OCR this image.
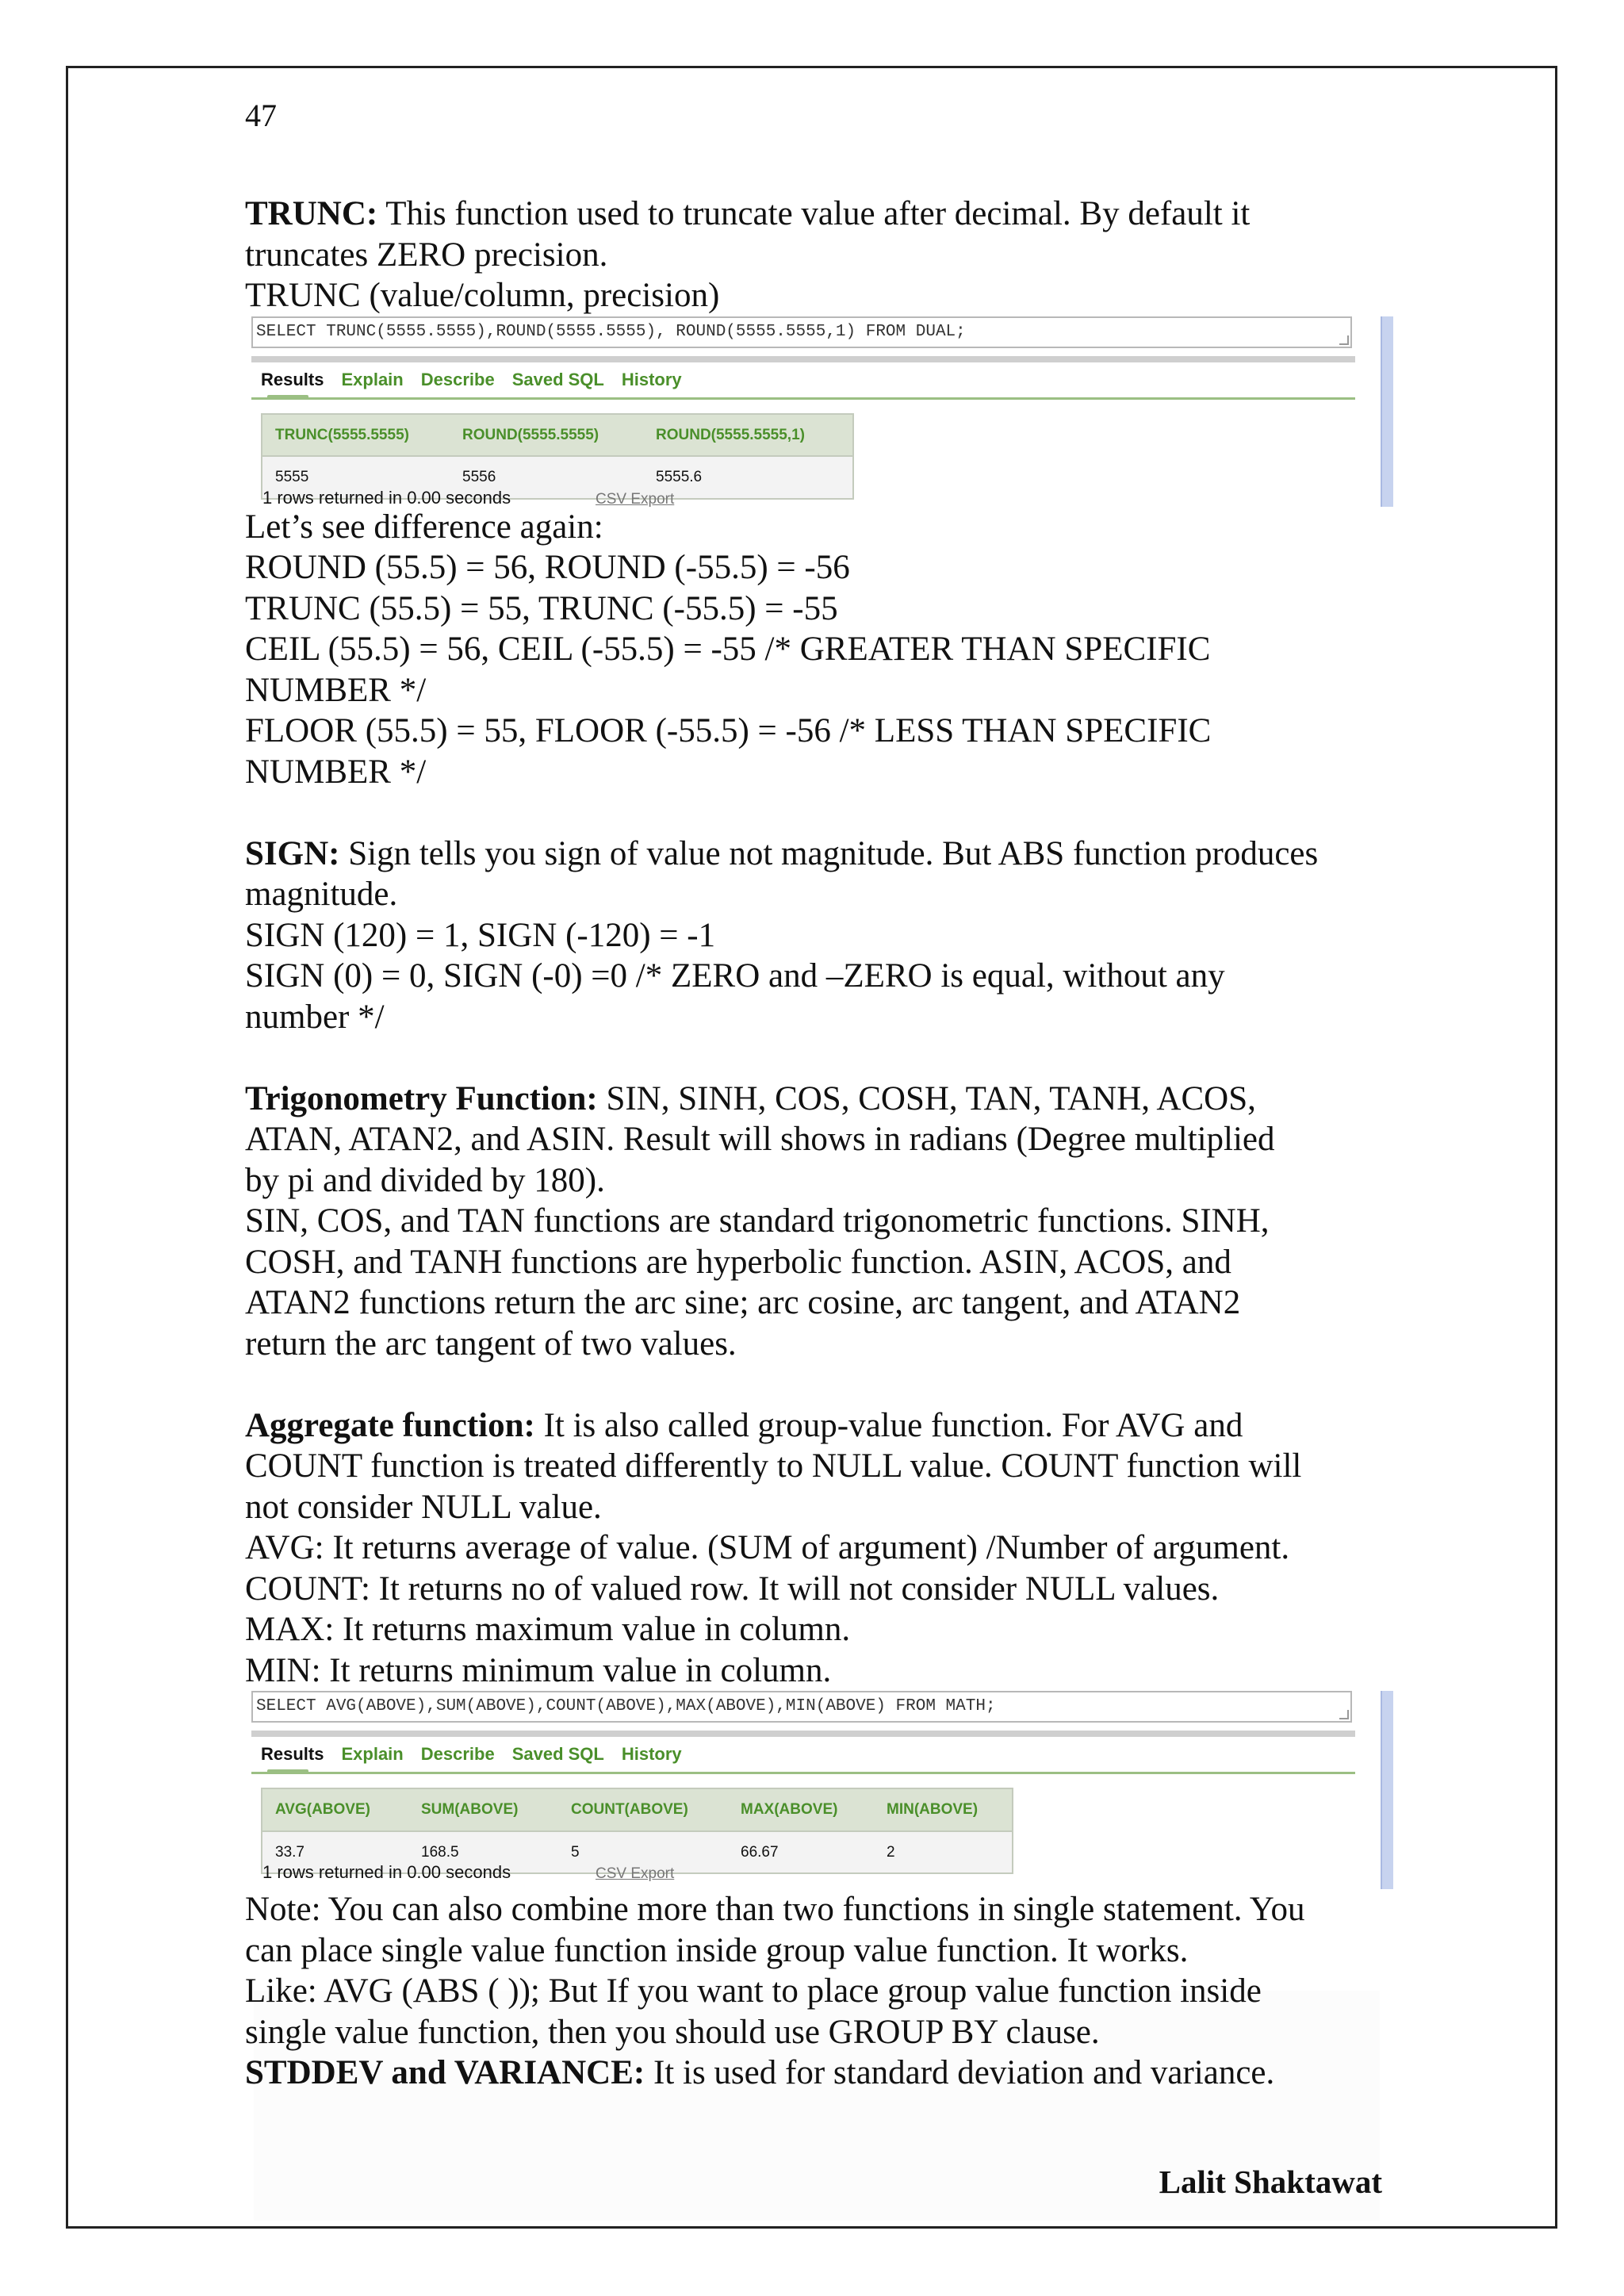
47

TRUNC: This function used to truncate value after decimal. By default it

truncates ZERO precision.

TRUNC (value/column, precision)

SELECT TRUNC(5555.5555),ROUND(5555.5555), ROUND(5555.5555,1) FROM DUAL;
Results Explain Describe Saved SQL History
TRUNC(5555.5555)	ROUND(5555.5555)	ROUND(5555.5555,1)
5555	5556	5555.6
1 rows returned in 0.00 seconds	CSV Export

Let’s see difference again:

ROUND (55.5) = 56, ROUND (-55.5) = -56

TRUNC (55.5) = 55, TRUNC (-55.5) = -55

CEIL (55.5) = 56, CEIL (-55.5) = -55 /* GREATER THAN SPECIFIC

NUMBER */

FLOOR (55.5) = 55, FLOOR (-55.5) = -56 /* LESS THAN SPECIFIC

NUMBER */

SIGN: Sign tells you sign of value not magnitude. But ABS function produces

magnitude.

SIGN (120) = 1, SIGN (-120) = -1

SIGN (0) = 0, SIGN (-0) =0 /* ZERO and –ZERO is equal, without any

number */

Trigonometry Function: SIN, SINH, COS, COSH, TAN, TANH, ACOS,

ATAN, ATAN2, and ASIN. Result will shows in radians (Degree multiplied

by pi and divided by 180).

SIN, COS, and TAN functions are standard trigonometric functions. SINH,

COSH, and TANH functions are hyperbolic function. ASIN, ACOS, and

ATAN2 functions return the arc sine; arc cosine, arc tangent, and ATAN2

return the arc tangent of two values.

Aggregate function: It is also called group-value function. For AVG and

COUNT function is treated differently to NULL value. COUNT function will

not consider NULL value.

AVG: It returns average of value. (SUM of argument) /Number of argument.

COUNT: It returns no of valued row. It will not consider NULL values.

MAX: It returns maximum value in column.

MIN: It returns minimum value in column.

SELECT AVG(ABOVE),SUM(ABOVE),COUNT(ABOVE),MAX(ABOVE),MIN(ABOVE) FROM MATH;
Results Explain Describe Saved SQL History
AVG(ABOVE)	SUM(ABOVE)	COUNT(ABOVE)	MAX(ABOVE)	MIN(ABOVE)
33.7	168.5	5	66.67	2
1 rows returned in 0.00 seconds	CSV Export

Note: You can also combine more than two functions in single statement. You

can place single value function inside group value function. It works.

Like: AVG (ABS ( )); But If you want to place group value function inside

single value function, then you should use GROUP BY clause.

STDDEV and VARIANCE: It is used for standard deviation and variance.

Lalit Shaktawat
